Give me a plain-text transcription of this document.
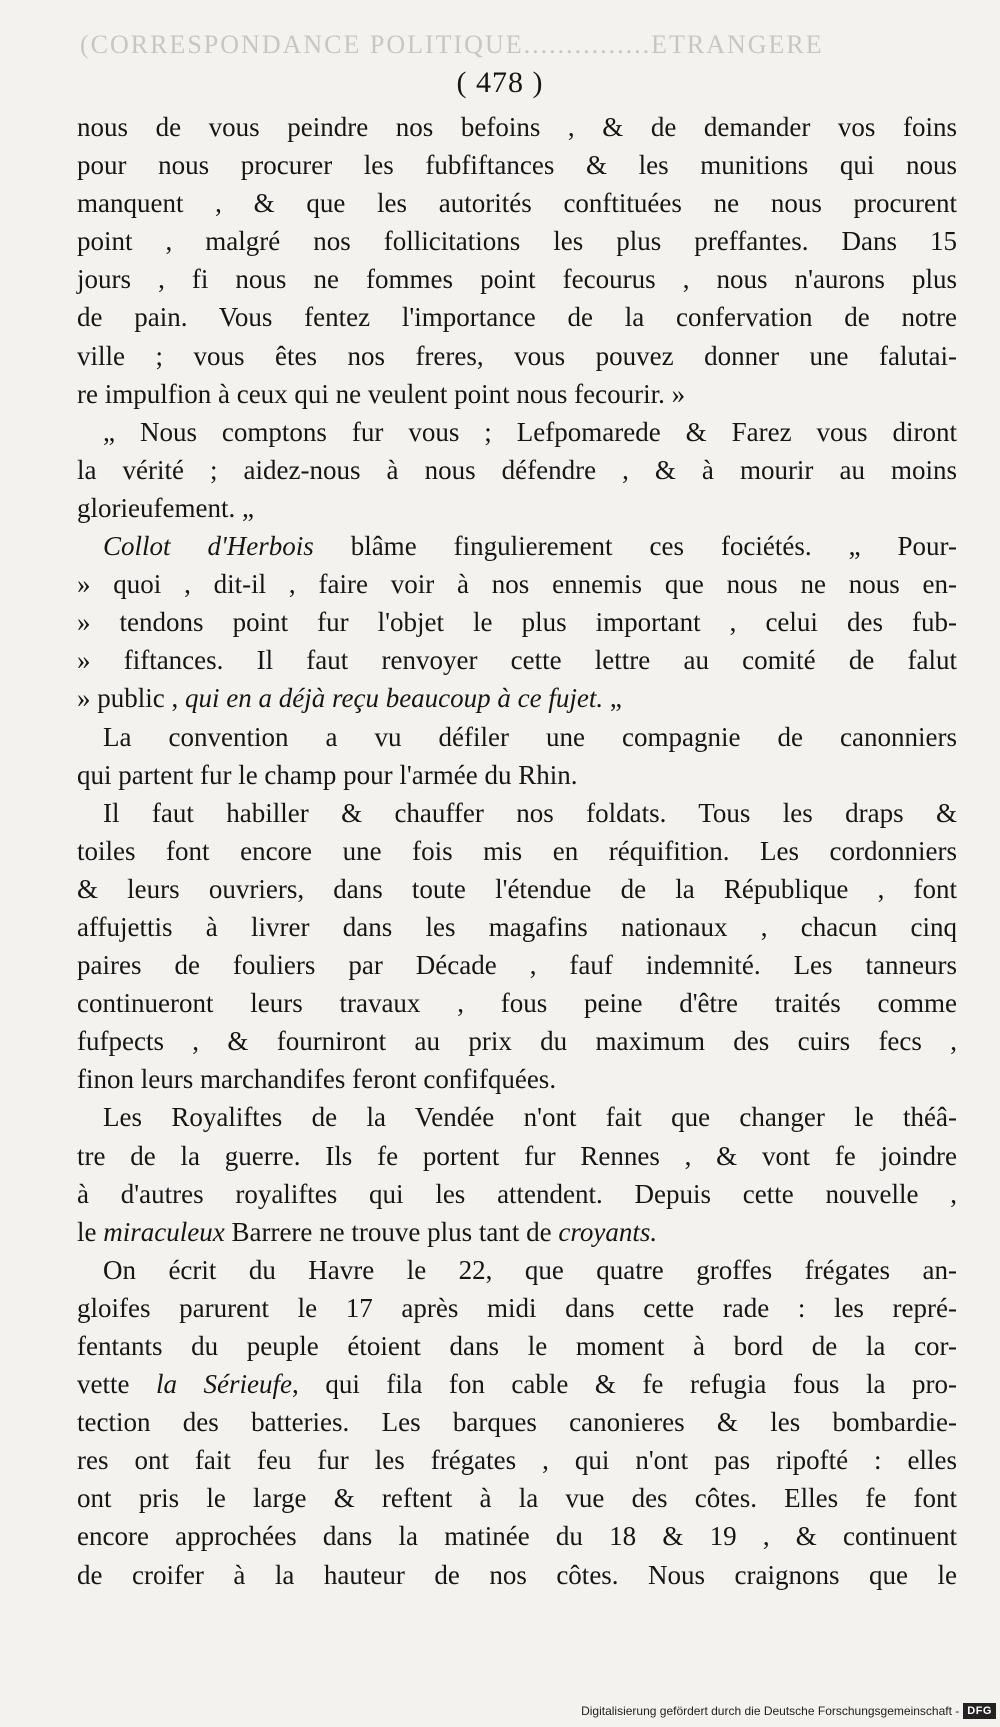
(CORRESPONDANCE POLITIQUE...............ETRANGERE
( 478 )
nous de vous peindre nos befoins , & de demander vos foins
pour nous procurer les fubfiftances & les munitions qui nous
manquent , & que les autorités conftituées ne nous procurent
point , malgré nos follicitations les plus preffantes. Dans 15
jours , fi nous ne fommes point fecourus , nous n'aurons plus
de pain. Vous fentez l'importance de la confervation de notre
ville ; vous êtes nos freres, vous pouvez donner une falutai-
re impulfion à ceux qui ne veulent point nous fecourir. »
„ Nous comptons fur vous ; Lefpomarede & Farez vous diront
la vérité ; aidez-nous à nous défendre , & à mourir au moins
glorieufement. „
Collot d'Herbois blâme fingulierement ces fociétés. „ Pour-
» quoi , dit-il , faire voir à nos ennemis que nous ne nous en-
» tendons point fur l'objet le plus important , celui des fub-
» fiftances. Il faut renvoyer cette lettre au comité de falut
» public , qui en a déjà reçu beaucoup à ce fujet. „
La convention a vu défiler une compagnie de canonniers
qui partent fur le champ pour l'armée du Rhin.
Il faut habiller & chauffer nos foldats. Tous les draps &
toiles font encore une fois mis en réquifition. Les cordonniers
& leurs ouvriers, dans toute l'étendue de la République , font
affujettis à livrer dans les magafins nationaux , chacun cinq
paires de fouliers par Décade , fauf indemnité. Les tanneurs
continueront leurs travaux , fous peine d'être traités comme
fufpects , & fourniront au prix du maximum des cuirs fecs ,
finon leurs marchandifes feront confifquées.
Les Royaliftes de la Vendée n'ont fait que changer le théâ-
tre de la guerre. Ils fe portent fur Rennes , & vont fe joindre
à d'autres royaliftes qui les attendent. Depuis cette nouvelle ,
le miraculeux Barrere ne trouve plus tant de croyants.
On écrit du Havre le 22, que quatre groffes frégates an-
gloifes parurent le 17 après midi dans cette rade : les repré-
fentants du peuple étoient dans le moment à bord de la cor-
vette la Sérieufe, qui fila fon cable & fe refugia fous la pro-
tection des batteries. Les barques canonieres & les bombardie-
res ont fait feu fur les frégates , qui n'ont pas ripofté : elles
ont pris le large & reftent à la vue des côtes. Elles fe font
encore approchées dans la matinée du 18 & 19 , & continuent
de croifer à la hauteur de nos côtes. Nous craignons que le
Digitalisierung gefördert durch die Deutsche Forschungsgemeinschaft - DFG
